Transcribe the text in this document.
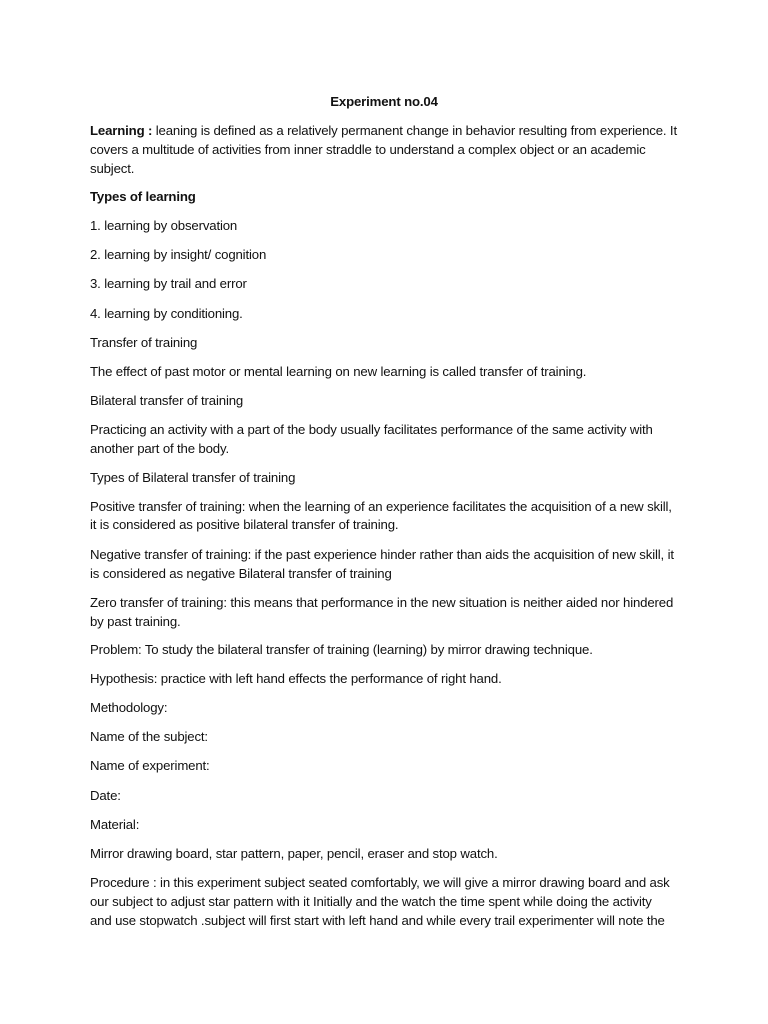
Experiment no.04
Learning : leaning is defined as a relatively permanent change in behavior resulting from experience. It
covers a multitude of activities from inner straddle to understand a complex object or an academic
subject.
Types of learning
1. learning by observation
2. learning by insight/ cognition
3. learning by trail and error
4. learning by conditioning.
Transfer of training
The effect of past motor or mental learning on new learning is called transfer of training.
Bilateral transfer of training
Practicing an activity with a part of the body usually facilitates performance of the same activity with
another part of the body.
Types of Bilateral transfer of training
Positive transfer of training: when the learning of an experience facilitates the acquisition of a new skill,
it is considered as positive bilateral transfer of training.
Negative transfer of training: if the past experience hinder rather than aids the acquisition of new skill, it
is considered as negative Bilateral transfer of training
Zero transfer of training: this means that performance in the new situation is neither aided nor hindered
by past training.
Problem: To study the bilateral transfer of training (learning) by mirror drawing technique.
Hypothesis: practice with left hand effects the performance of right hand.
Methodology:
Name of the subject:
Name of experiment:
Date:
Material:
Mirror drawing board, star pattern, paper, pencil, eraser and stop watch.
Procedure : in this experiment subject seated comfortably, we will give a mirror drawing board and ask
our subject to adjust star pattern with it Initially and the watch the time spent while doing the activity
and use stopwatch .subject will first start with left hand and while every trail experimenter will note the
